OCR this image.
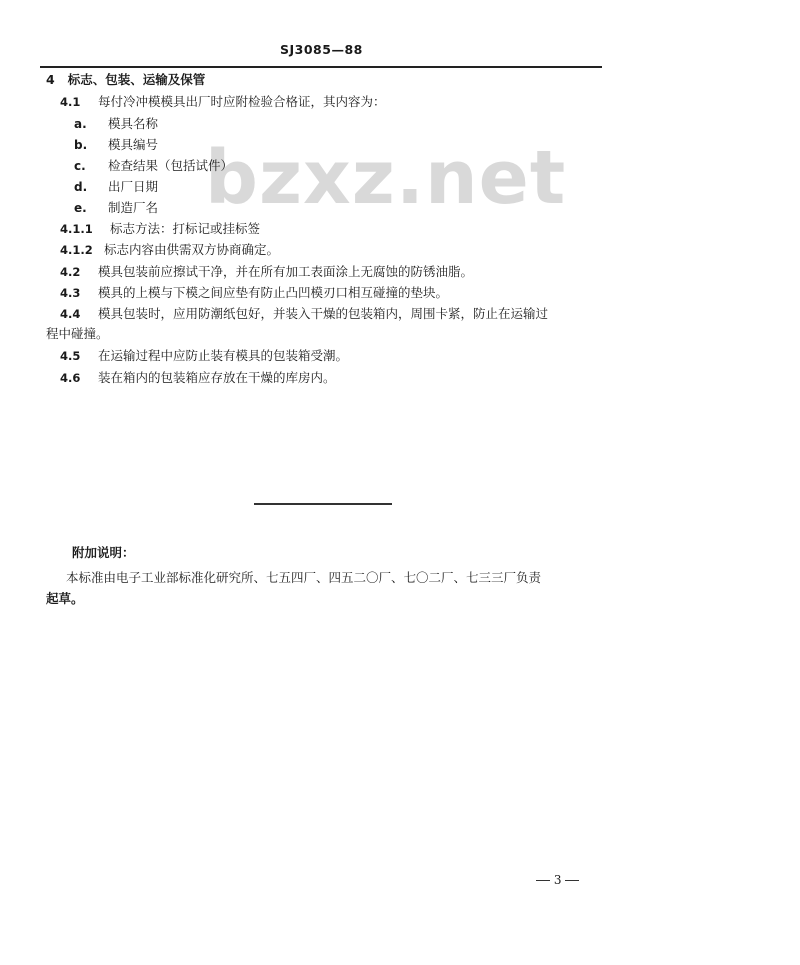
SJ3085—88
bzxz.net
4 标志、包装、运输及保管
4.1 每付冷冲模模具出厂时应附检验合格证，其内容为：
a. 模具名称
b. 模具编号
c. 检查结果（包括试件）
d. 出厂日期
e. 制造厂名
4.1.1 标志方法：打标记或挂标签
4.1.2 标志内容由供需双方协商确定。
4.2 模具包装前应擦试干净，并在所有加工表面涂上无腐蚀的防锈油脂。
4.3 模具的上模与下模之间应垫有防止凸凹模刃口相互碰撞的垫块。
4.4 模具包装时，应用防潮纸包好，并装入干燥的包装箱内，周围卡紧，防止在运输过
程中碰撞。
4.5 在运输过程中应防止装有模具的包装箱受潮。
4.6 装在箱内的包装箱应存放在干燥的库房内。
附加说明：
本标准由电子工业部标准化研究所、七五四厂、四五二〇厂、七〇二厂、七三三厂负责
起草。
3
